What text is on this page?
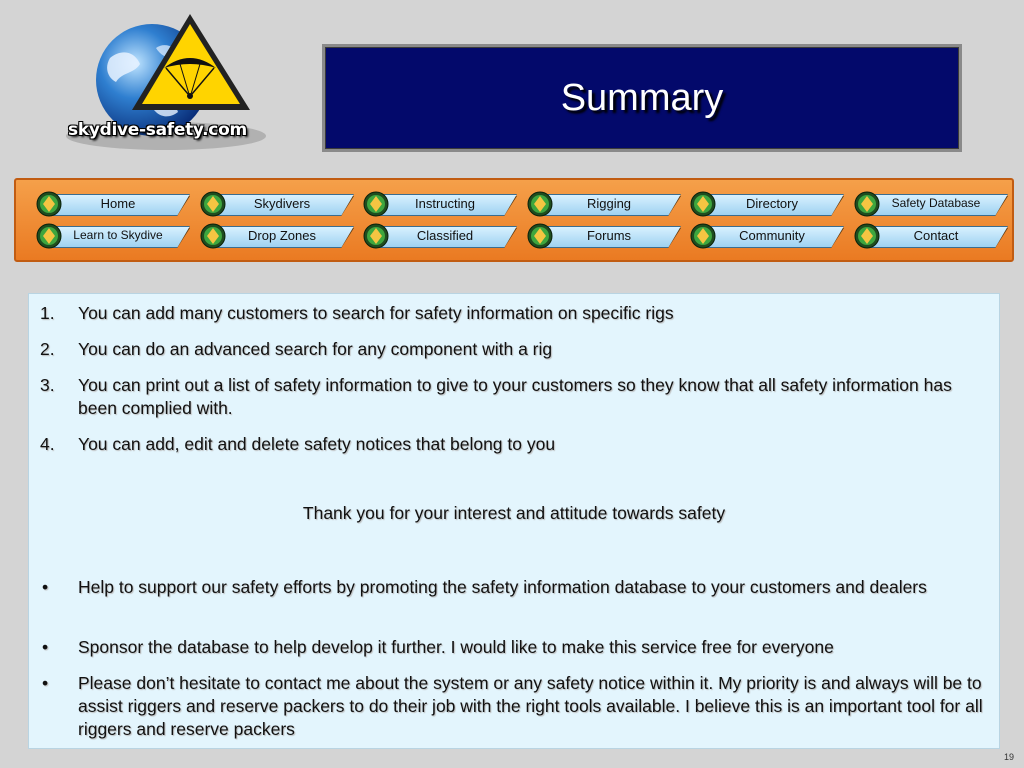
skydive-safety.com
Summary
Home	Skydivers	Instructing	Rigging	Directory	Safety Database
Learn to Skydive	Drop Zones	Classified	Forums	Community	Contact
1. You can add many customers to search for safety information on specific rigs
2. You can do an advanced search for any component with a rig
3. You can print out a list of safety information to give to your customers so they know that all safety information has been complied with.
4. You can add, edit and delete safety notices that belong to you
Thank you for your interest and attitude towards safety
• Help to support our safety efforts by promoting the safety information database to your customers and dealers
• Sponsor the database to help develop it further. I would like to make this service free for everyone
• Please don’t hesitate to contact me about the system or any safety notice within it. My priority is and always will be to assist riggers and reserve packers to do their job with the right tools available. I believe this is an important tool for all riggers and reserve packers
19
